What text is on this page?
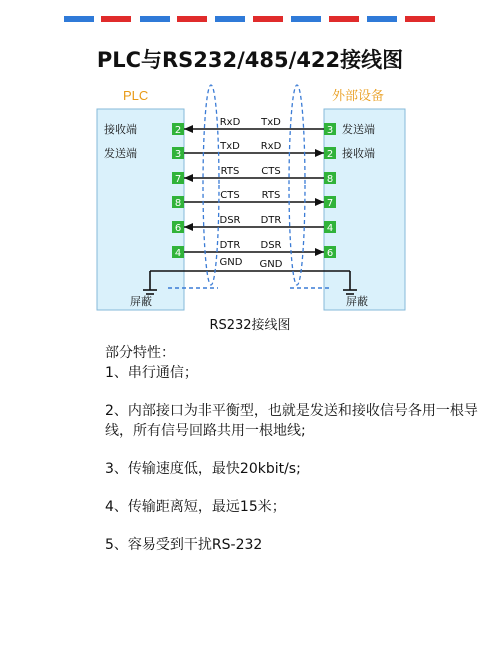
PLC与RS232/485/422接线图
PLC	外部设备
2	3
接收端	发送端
RxD TxD
3	2
发送端	接收端
TxD RxD
7	8
RTS CTS
8	7
CTS RTS
6	4
DSR DTR
4	6
DTR DSR
GND GND
屏蔽	屏蔽
RS232接线图
部分特性：
1、串行通信；
2、内部接口为非平衡型，也就是发送和接收信号各用一根导线，所有信号回路共用一根地线;
3、传输速度低，最快20kbit/s;
4、传输距离短，最远15米；
5、容易受到干扰RS-232
